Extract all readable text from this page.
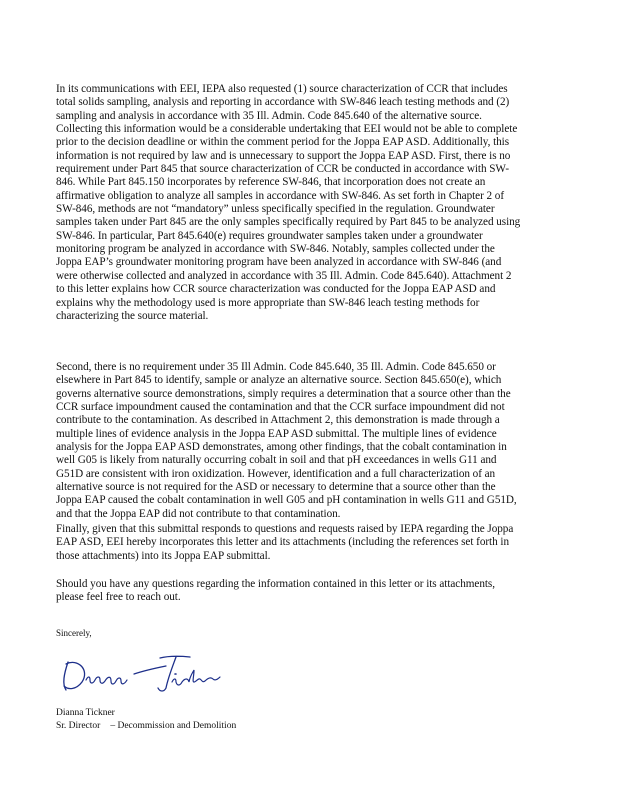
In its communications with EEI, IEPA also requested (1) source characterization of CCR that includes
total solids sampling, analysis and reporting in accordance with SW-846 leach testing methods and (2)
sampling and analysis in accordance with 35 Ill. Admin. Code 845.640 of the alternative source.
Collecting this information would be a considerable undertaking that EEI would not be able to complete
prior to the decision deadline or within the comment period for the Joppa EAP ASD. Additionally, this
information is not required by law and is unnecessary to support the Joppa EAP ASD. First, there is no
requirement under Part 845 that source characterization of CCR be conducted in accordance with SW-
846. While Part 845.150 incorporates by reference SW-846, that incorporation does not create an
affirmative obligation to analyze all samples in accordance with SW-846. As set forth in Chapter 2 of
SW-846, methods are not “mandatory” unless specifically specified in the regulation. Groundwater
samples taken under Part 845 are the only samples specifically required by Part 845 to be analyzed using
SW-846. In particular, Part 845.640(e) requires groundwater samples taken under a groundwater
monitoring program be analyzed in accordance with SW-846. Notably, samples collected under the
Joppa EAP’s groundwater monitoring program have been analyzed in accordance with SW-846 (and
were otherwise collected and analyzed in accordance with 35 Ill. Admin. Code 845.640). Attachment 2
to this letter explains how CCR source characterization was conducted for the Joppa EAP ASD and
explains why the methodology used is more appropriate than SW-846 leach testing methods for
characterizing the source material.

Second, there is no requirement under 35 Ill Admin. Code 845.640, 35 Ill. Admin. Code 845.650 or
elsewhere in Part 845 to identify, sample or analyze an alternative source. Section 845.650(e), which
governs alternative source demonstrations, simply requires a determination that a source other than the
CCR surface impoundment caused the contamination and that the CCR surface impoundment did not
contribute to the contamination. As described in Attachment 2, this demonstration is made through a
multiple lines of evidence analysis in the Joppa EAP ASD submittal. The multiple lines of evidence
analysis for the Joppa EAP ASD demonstrates, among other findings, that the cobalt contamination in
well G05 is likely from naturally occurring cobalt in soil and that pH exceedances in wells G11 and
G51D are consistent with iron oxidization. However, identification and a full characterization of an
alternative source is not required for the ASD or necessary to determine that a source other than the
Joppa EAP caused the cobalt contamination in well G05 and pH contamination in wells G11 and G51D,
and that the Joppa EAP did not contribute to that contamination.

Finally, given that this submittal responds to questions and requests raised by IEPA regarding the Joppa
EAP ASD, EEI hereby incorporates this letter and its attachments (including the references set forth in
those attachments) into its Joppa EAP submittal.

Should you have any questions regarding the information contained in this letter or its attachments,
please feel free to reach out.

Sincerely,
Dianna Tickner
Sr. Director – Decommission and Demolition
